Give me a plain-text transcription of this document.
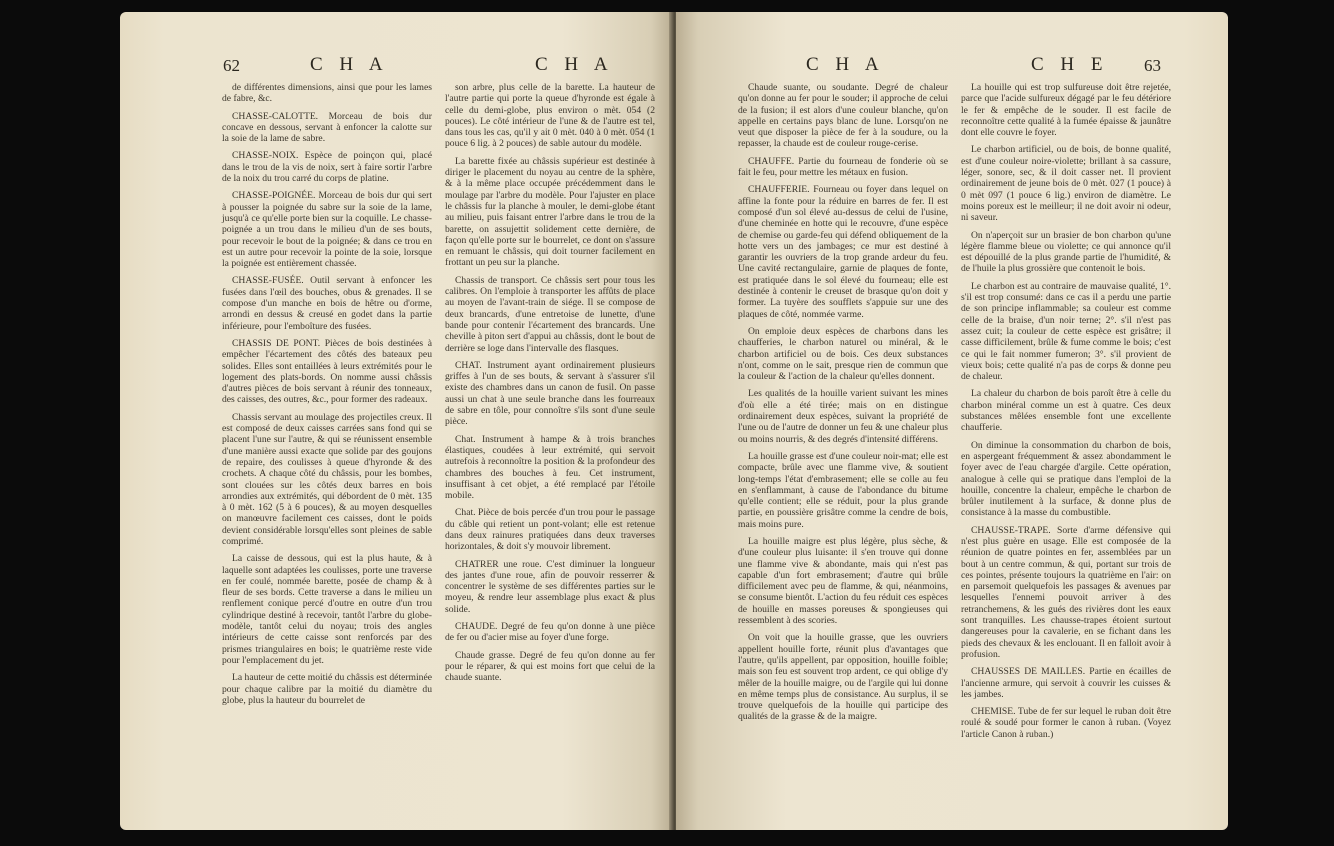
62	C H A	C H A

de différentes dimensions, ainsi que pour les lames de fabre, &c.

CHASSE-CALOTTE. Morceau de bois dur concave en dessous, servant à enfoncer la calotte sur la soie de la lame de sabre.

CHASSE-NOIX. Espèce de poinçon qui, placé dans le trou de la vis de noix, sert à faire sortir l'arbre de la noix du trou carré du corps de platine.

CHASSE-POIGNÉE. Morceau de bois dur qui sert à pousser la poignée du sabre sur la soie de la lame, jusqu'à ce qu'elle porte bien sur la coquille. Le chasse-poignée a un trou dans le milieu d'un de ses bouts, pour recevoir le bout de la poignée; & dans ce trou en est un autre pour recevoir la pointe de la soie, lorsque la poignée est entièrement chassée.

CHASSE-FUSÉE. Outil servant à enfoncer les fusées dans l'œil des bouches, obus & grenades. Il se compose d'un manche en bois de hêtre ou d'orme, arrondi en dessus & creusé en godet dans la partie inférieure, pour l'emboîture des fusées.

CHASSIS DE PONT. Pièces de bois destinées à empêcher l'écartement des côtés des bateaux peu solides. Elles sont entaillées à leurs extrémités pour le logement des plats-bords. On nomme aussi châssis d'autres pièces de bois servant à réunir des tonneaux, des caisses, des outres, &c., pour former des radeaux.

Chassis servant au moulage des projectiles creux. Il est composé de deux caisses carrées sans fond qui se placent l'une sur l'autre, & qui se réunissent ensemble d'une manière aussi exacte que solide par des goujons de repaire, des coulisses à queue d'hyronde & des crochets. A chaque côté du châssis, pour les bombes, sont clouées sur les côtés deux barres en bois arrondies aux extrémités, qui débordent de 0 mèt. 135 à 0 mèt. 162 (5 à 6 pouces), & au moyen desquelles on manœuvre facilement ces caisses, dont le poids devient considérable lorsqu'elles sont pleines de sable comprimé.

La caisse de dessous, qui est la plus haute, & à laquelle sont adaptées les coulisses, porte une traverse en fer coulé, nommée barette, posée de champ & à fleur de ses bords. Cette traverse a dans le milieu un renflement conique percé d'outre en outre d'un trou cylindrique destiné à recevoir, tantôt l'arbre du globe-modèle, tantôt celui du noyau; trois des angles intérieurs de cette caisse sont renforcés par des prismes triangulaires en bois; le quatrième reste vide pour l'emplacement du jet.

La hauteur de cette moitié du châssis est déterminée pour chaque calibre par la moitié du diamètre du globe, plus la hauteur du bourrelet de

son arbre, plus celle de la barette. La hauteur de l'autre partie qui porte la queue d'hyronde est égale à celle du demi-globe, plus environ o mèt. 054 (2 pouces). Le côté intérieur de l'une & de l'autre est tel, dans tous les cas, qu'il y ait 0 mèt. 040 à 0 mèt. 054 (1 pouce 6 lig. à 2 pouces) de sable autour du modèle.

La barette fixée au châssis supérieur est destinée à diriger le placement du noyau au centre de la sphère, & à la même place occupée précédemment dans le moulage par l'arbre du modèle. Pour l'ajuster en place le châssis fur la planche à mouler, le demi-globe étant au milieu, puis faisant entrer l'arbre dans le trou de la barette, on assujettit solidement cette dernière, de façon qu'elle porte sur le bourrelet, ce dont on s'assure en remuant le châssis, qui doit tourner facilement en frottant un peu sur la planche.

Chassis de transport. Ce châssis sert pour tous les calibres. On l'emploie à transporter les affûts de place au moyen de l'avant-train de siége. Il se compose de deux brancards, d'une entretoise de lunette, d'une bande pour contenir l'écartement des brancards. Une cheville à piton sert d'appui au châssis, dont le bout de derrière se loge dans l'intervalle des flasques.

CHAT. Instrument ayant ordinairement plusieurs griffes à l'un de ses bouts, & servant à s'assurer s'il existe des chambres dans un canon de fusil. On passe aussi un chat à une seule branche dans les fourreaux de sabre en tôle, pour connoître s'ils sont d'une seule pièce.

Chat. Instrument à hampe & à trois branches élastiques, coudées à leur extrémité, qui servoit autrefois à reconnoître la position & la profondeur des chambres des bouches à feu. Cet instrument, insuffisant à cet objet, a été remplacé par l'étoile mobile.

Chat. Pièce de bois percée d'un trou pour le passage du câble qui retient un pont-volant; elle est retenue dans deux rainures pratiquées dans deux traverses horizontales, & doit s'y mouvoir librement.

CHATRER une roue. C'est diminuer la longueur des jantes d'une roue, afin de pouvoir resserrer & concentrer le système de ses différentes parties sur le moyeu, & rendre leur assemblage plus exact & plus solide.

CHAUDE. Degré de feu qu'on donne à une pièce de fer ou d'acier mise au foyer d'une forge.

Chaude grasse. Degré de feu qu'on donne au fer pour le réparer, & qui est moins fort que celui de la chaude suante.

C H A	C H E 63

Chaude suante, ou soudante. Degré de chaleur qu'on donne au fer pour le souder; il approche de celui de la fusion; il est alors d'une couleur blanche, qu'on appelle en certains pays blanc de lune. Lorsqu'on ne veut que disposer la pièce de fer à la soudure, ou la repasser, la chaude est de couleur rouge-cerise.

CHAUFFE. Partie du fourneau de fonderie où se fait le feu, pour mettre les métaux en fusion.

CHAUFFERIE. Fourneau ou foyer dans lequel on affine la fonte pour la réduire en barres de fer. Il est composé d'un sol élevé au-dessus de celui de l'usine, d'une cheminée en hotte qui le recouvre, d'une espèce de chemise ou garde-feu qui défend obliquement de la hotte vers un des jambages; ce mur est destiné à garantir les ouvriers de la trop grande ardeur du feu. Une cavité rectangulaire, garnie de plaques de fonte, est pratiquée dans le sol élevé du fourneau; elle est destinée à contenir le creuset de brasque qu'on doit y former. La tuyère des soufflets s'appuie sur une des plaques de côté, nommée varme.

On emploie deux espèces de charbons dans les chaufferies, le charbon naturel ou minéral, & le charbon artificiel ou de bois. Ces deux substances n'ont, comme on le sait, presque rien de commun que la couleur & l'action de la chaleur qu'elles donnent.

Les qualités de la houille varient suivant les mines d'où elle a été tirée; mais on en distingue ordinairement deux espèces, suivant la propriété de l'une ou de l'autre de donner un feu & une chaleur plus ou moins nourris, & des degrés d'intensité différens.

La houille grasse est d'une couleur noir-mat; elle est compacte, brûle avec une flamme vive, & soutient long-temps l'état d'embrasement; elle se colle au feu en s'enflammant, à cause de l'abondance du bitume qu'elle contient; elle se réduit, pour la plus grande partie, en poussière grisâtre comme la cendre de bois, mais moins pure.

La houille maigre est plus légère, plus sèche, & d'une couleur plus luisante: il s'en trouve qui donne une flamme vive & abondante, mais qui n'est pas capable d'un fort embrasement; d'autre qui brûle difficilement avec peu de flamme, & qui, néanmoins, se consume bientôt. L'action du feu réduit ces espèces de houille en masses poreuses & spongieuses qui ressemblent à des scories.

On voit que la houille grasse, que les ouvriers appellent houille forte, réunit plus d'avantages que l'autre, qu'ils appellent, par opposition, houille foible; mais son feu est souvent trop ardent, ce qui oblige d'y mêler de la houille maigre, ou de l'argile qui lui donne en même temps plus de consistance. Au surplus, il se trouve quelquefois de la houille qui participe des qualités de la grasse & de la maigre.

La houille qui est trop sulfureuse doit être rejetée, parce que l'acide sulfureux dégagé par le feu détériore le fer & empêche de le souder. Il est facile de reconnoître cette qualité à la fumée épaisse & jaunâtre dont elle couvre le foyer.

Le charbon artificiel, ou de bois, de bonne qualité, est d'une couleur noire-violette; brillant à sa cassure, léger, sonore, sec, & il doit casser net. Il provient ordinairement de jeune bois de 0 mèt. 027 (1 pouce) à 0 mèt 097 (1 pouce 6 lig.) environ de diamètre. Le moins poreux est le meilleur; il ne doit avoir ni odeur, ni saveur.

On n'aperçoit sur un brasier de bon charbon qu'une légère flamme bleue ou violette; ce qui annonce qu'il est dépouillé de la plus grande partie de l'humidité, & de l'huile la plus grossière que contenoit le bois.

Le charbon est au contraire de mauvaise qualité, 1°. s'il est trop consumé: dans ce cas il a perdu une partie de son principe inflammable; sa couleur est comme celle de la braise, d'un noir terne; 2°. s'il n'est pas assez cuit; la couleur de cette espèce est grisâtre; il casse difficilement, brûle & fume comme le bois; c'est ce qui le fait nommer fumeron; 3°. s'il provient de vieux bois; cette qualité n'a pas de corps & donne peu de chaleur.

La chaleur du charbon de bois paroît être à celle du charbon minéral comme un est à quatre. Ces deux substances mêlées ensemble font une excellente chaufferie.

On diminue la consommation du charbon de bois, en aspergeant fréquemment & assez abondamment le foyer avec de l'eau chargée d'argile. Cette opération, analogue à celle qui se pratique dans l'emploi de la houille, concentre la chaleur, empêche le charbon de brûler inutilement à la surface, & donne plus de consistance à la masse du combustible.

CHAUSSE-TRAPE. Sorte d'arme défensive qui n'est plus guère en usage. Elle est composée de la réunion de quatre pointes en fer, assemblées par un bout à un centre commun, & qui, portant sur trois de ces pointes, présente toujours la quatrième en l'air: on en parsemoit quelquefois les passages & avenues par lesquelles l'ennemi pouvoit arriver à des retranchemens, & les gués des rivières dont les eaux sont tranquilles. Les chausse-trapes étoient surtout dangereuses pour la cavalerie, en se fichant dans les pieds des chevaux & les enclouant. Il en falloit avoir à profusion.

CHAUSSES DE MAILLES. Partie en écailles de l'ancienne armure, qui servoit à couvrir les cuisses & les jambes.

CHEMISE. Tube de fer sur lequel le ruban doit être roulé & soudé pour former le canon à ruban. (Voyez l'article Canon à ruban.)
